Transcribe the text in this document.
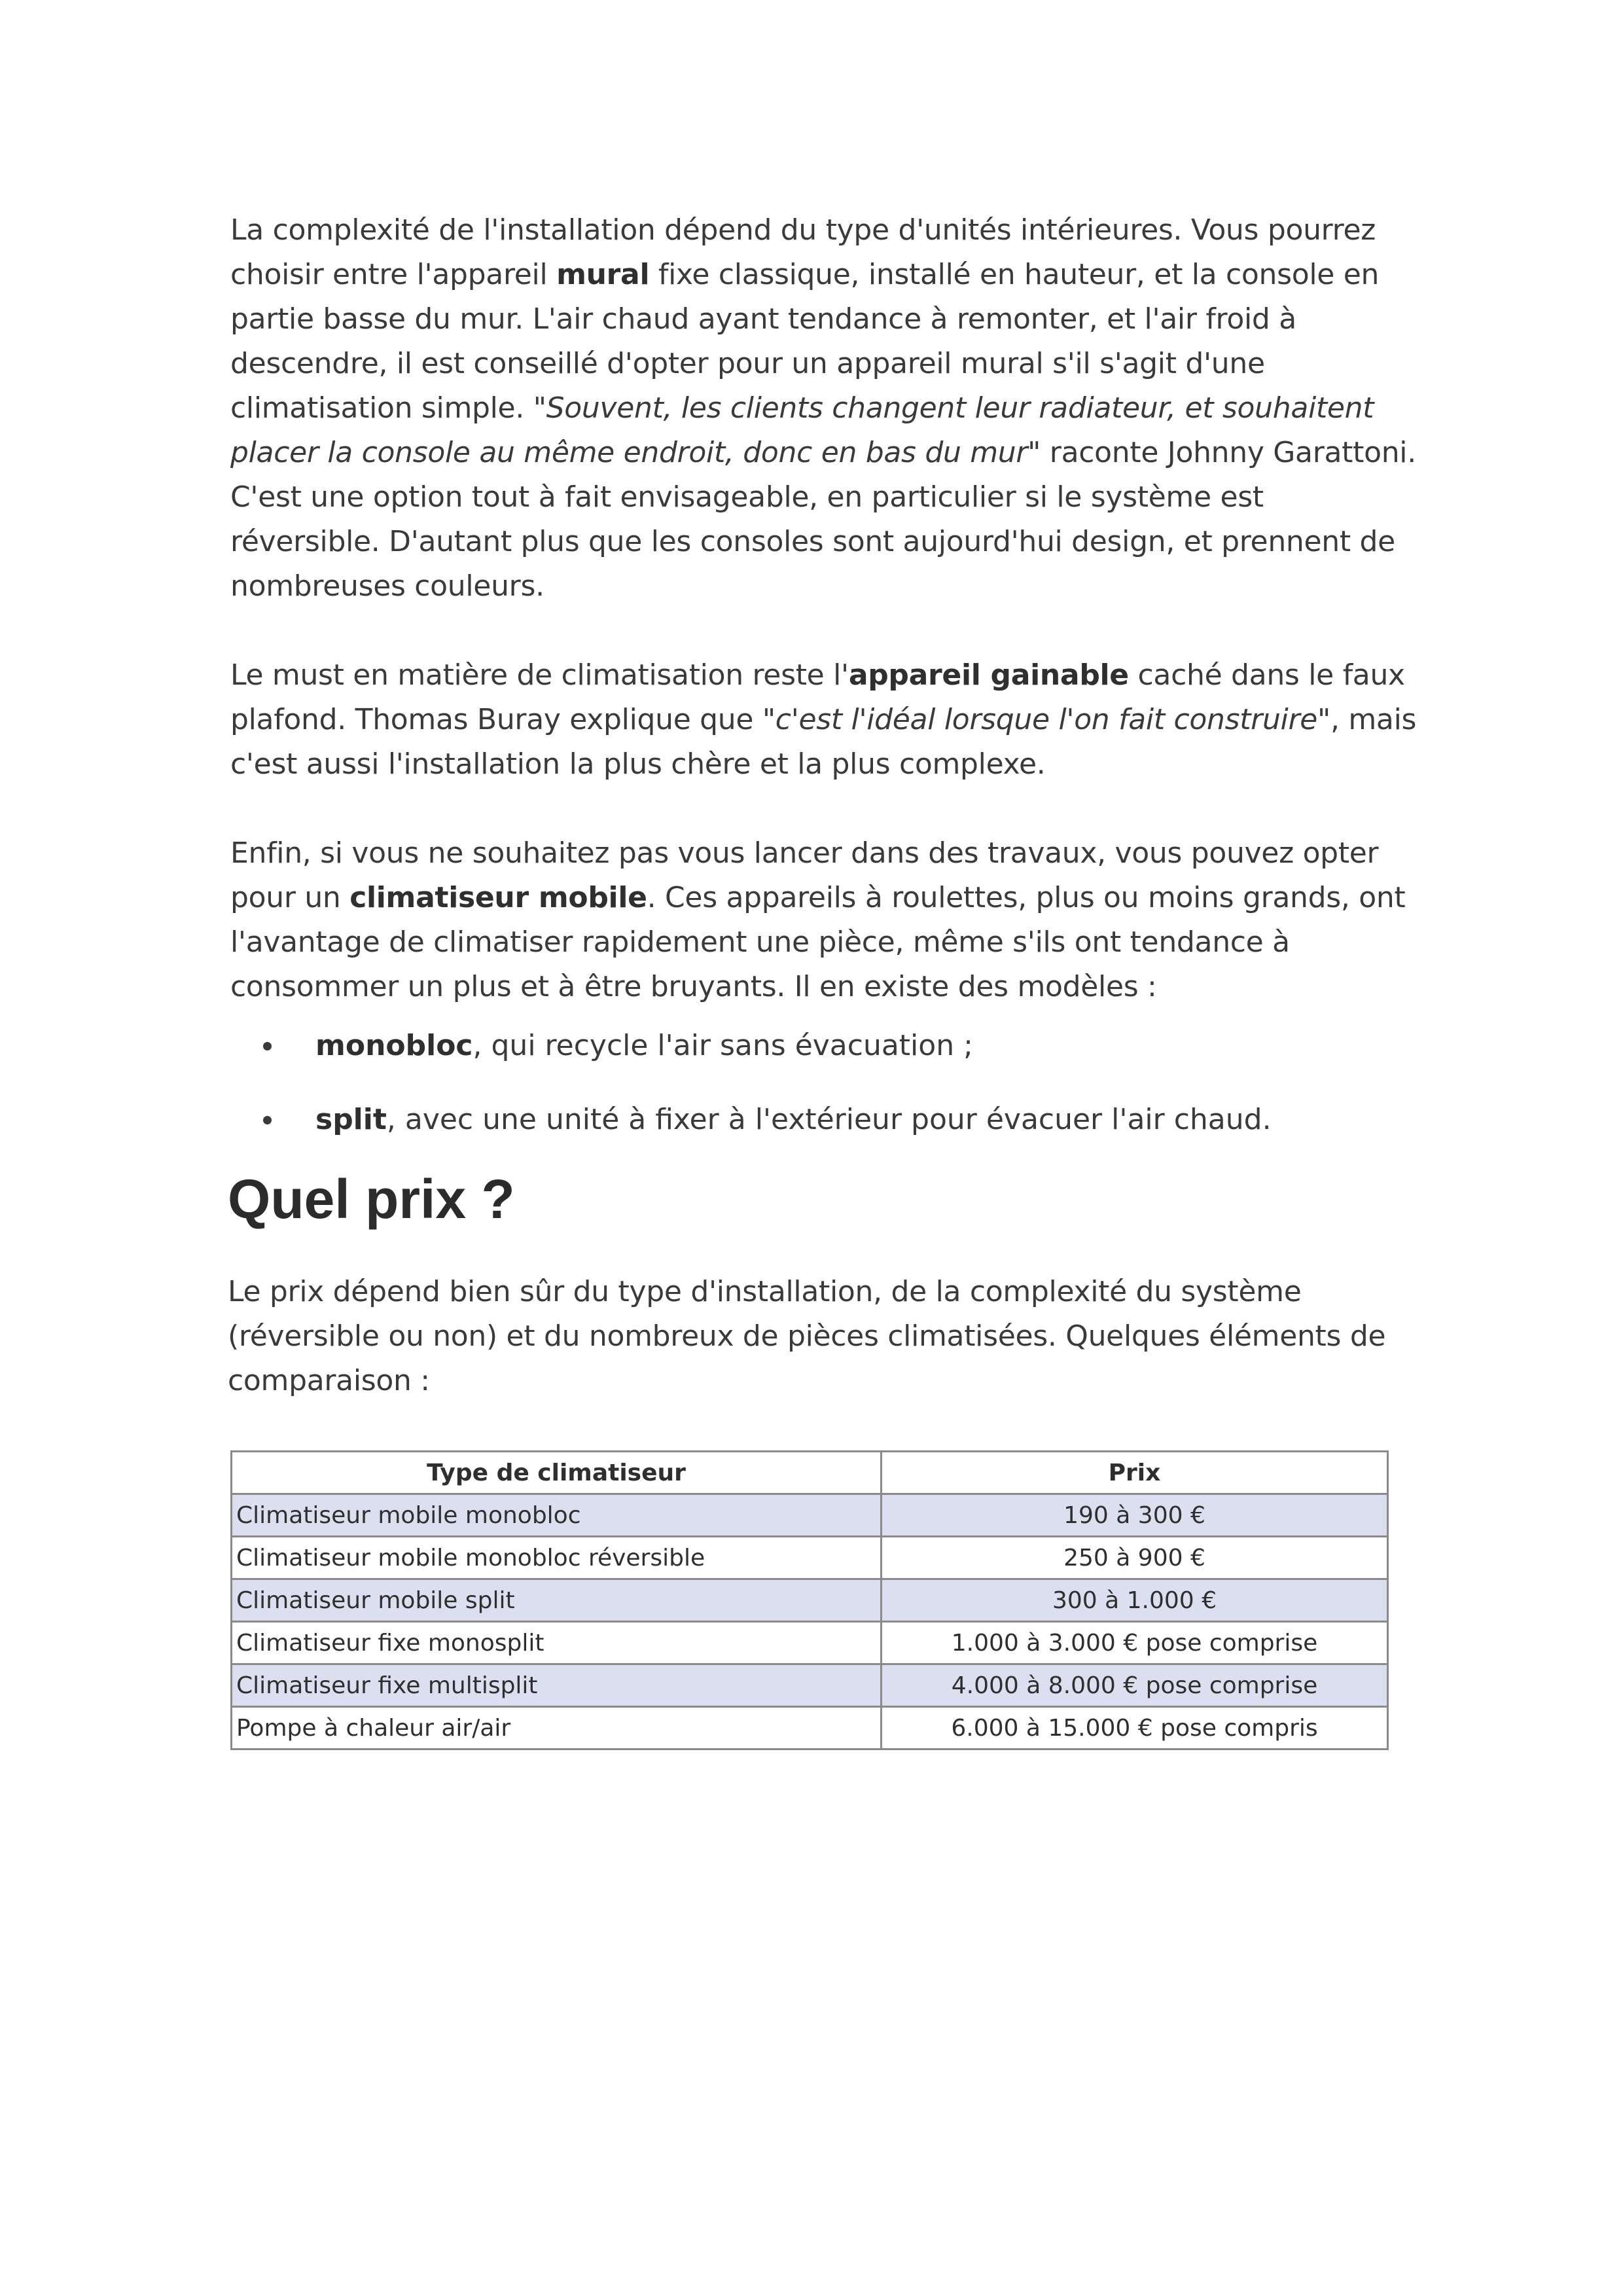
La complexité de l'installation dépend du type d'unités intérieures. Vous pourrez choisir entre l'appareil mural fixe classique, installé en hauteur, et la console en partie basse du mur. L'air chaud ayant tendance à remonter, et l'air froid à descendre, il est conseillé d'opter pour un appareil mural s'il s'agit d'une climatisation simple. "Souvent, les clients changent leur radiateur, et souhaitent placer la console au même endroit, donc en bas du mur" raconte Johnny Garattoni. C'est une option tout à fait envisageable, en particulier si le système est réversible. D'autant plus que les consoles sont aujourd'hui design, et prennent de nombreuses couleurs.

Le must en matière de climatisation reste l'appareil gainable caché dans le faux plafond. Thomas Buray explique que "c'est l'idéal lorsque l'on fait construire", mais c'est aussi l'installation la plus chère et la plus complexe.

Enfin, si vous ne souhaitez pas vous lancer dans des travaux, vous pouvez opter pour un climatiseur mobile. Ces appareils à roulettes, plus ou moins grands, ont l'avantage de climatiser rapidement une pièce, même s'ils ont tendance à consommer un plus et à être bruyants. Il en existe des modèles :

monobloc, qui recycle l'air sans évacuation ;
split, avec une unité à fixer à l'extérieur pour évacuer l'air chaud.
Quel prix ?

Le prix dépend bien sûr du type d'installation, de la complexité du système (réversible ou non) et du nombreux de pièces climatisées. Quelques éléments de comparaison :

Type de climatiseur	Prix
Climatiseur mobile monobloc	190 à 300 €
Climatiseur mobile monobloc réversible	250 à 900 €
Climatiseur mobile split	300 à 1.000 €
Climatiseur fixe monosplit	1.000 à 3.000 € pose comprise
Climatiseur fixe multisplit	4.000 à 8.000 € pose comprise
Pompe à chaleur air/air	6.000 à 15.000 € pose compris
